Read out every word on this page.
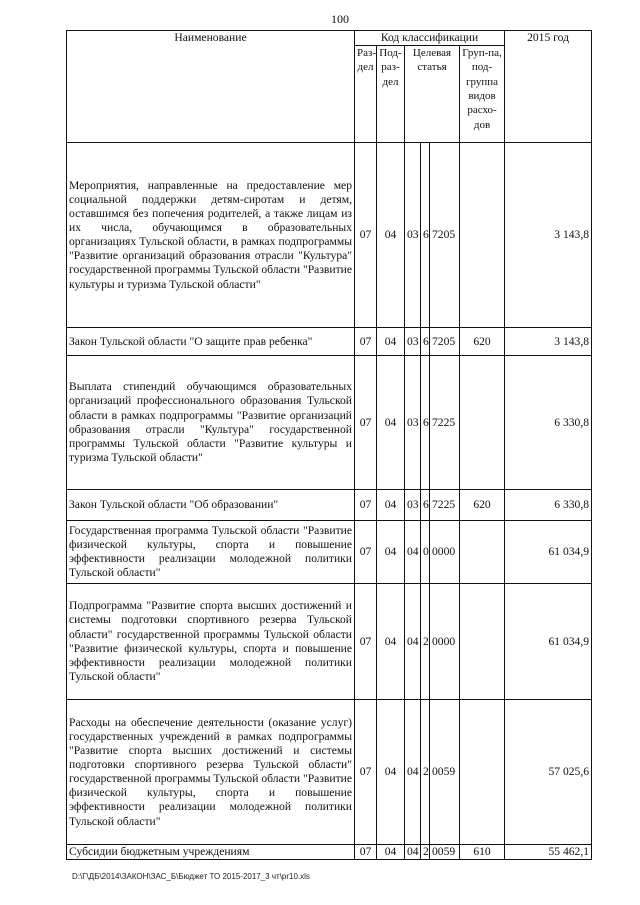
100
Наименование	Код классификации						2015 год
	Раз-дел	Под-раз-дел	Целевая статья			Груп-па, под-группа видов расхо-дов	
Мероприятия, направленные на предоставление мер социальной поддержки детям-сиротам и детям, оставшимся без попечения родителей, а также лицам из их числа, обучающимся в образовательных организациях Тульской области, в рамках подпрограммы "Развитие организаций образования отрасли "Культура" государственной программы Тульской области "Развитие культуры и туризма Тульской области"	07	04	03	6	7205		3 143,8
Закон Тульской области "О защите прав ребенка"	07	04	03	6	7205	620	3 143,8
Выплата стипендий обучающимся образовательных организаций профессионального образования Тульской области в рамках подпрограммы "Развитие организаций образования отрасли "Культура" государственной программы Тульской области "Развитие культуры и туризма Тульской области"	07	04	03	6	7225		6 330,8
Закон Тульской области "Об образовании"	07	04	03	6	7225	620	6 330,8
Государственная программа Тульской области "Развитие физической культуры, спорта и повышение эффективности реализации молодежной политики Тульской области"	07	04	04	0	0000		61 034,9
Подпрограмма "Развитие спорта высших достижений и системы подготовки спортивного резерва Тульской области" государственной программы Тульской области "Развитие физической культуры, спорта и повышение эффективности реализации молодежной политики Тульской области"	07	04	04	2	0000		61 034,9
Расходы на обеспечение деятельности (оказание услуг) государственных учреждений в рамках подпрограммы "Развитие спорта высших достижений и системы подготовки спортивного резерва Тульской области" государственной программы Тульской области "Развитие физической культуры, спорта и повышение эффективности реализации молодежной политики Тульской области"	07	04	04	2	0059		57 025,6
Субсидии бюджетным учреждениям	07	04	04	2	0059	610	55 462,1
D:\Г\ДБ\2014\ЗАКОН\ЗАС_Б\Бюджет ТО 2015-2017_3 чт\pr10.xls
